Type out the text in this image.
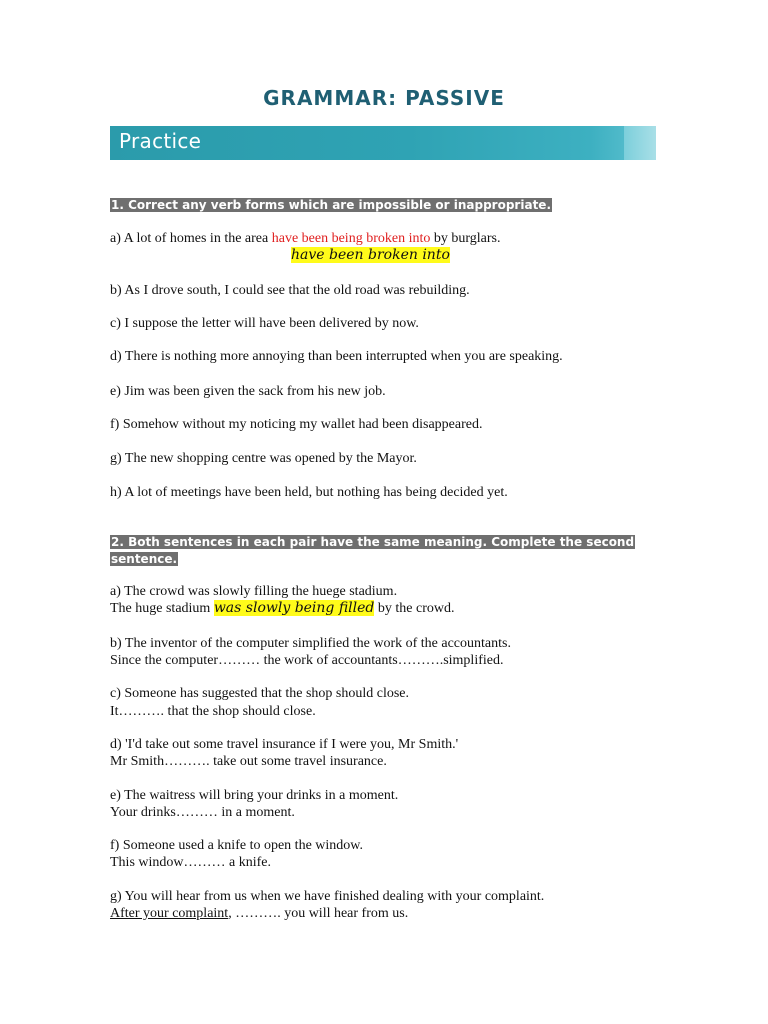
GRAMMAR: PASSIVE
Practice

1. Correct any verb forms which are impossible or inappropriate.

a) A lot of homes in the area have been being broken into by burglars.

have been broken into

b) As I drove south, I could see that the old road was rebuilding.

c) I suppose the letter will have been delivered by now.

d) There is nothing more annoying than been interrupted when you are speaking.

e) Jim was been given the sack from his new job.

f) Somehow without my noticing my wallet had been disappeared.

g) The new shopping centre was opened by the Mayor.

h) A lot of meetings have been held, but nothing has being decided yet.

2. Both sentences in each pair have the same meaning. Complete the second
sentence.

a) The crowd was slowly filling the huege stadium.

The huge stadium was slowly being filled by the crowd.

b) The inventor of the computer simplified the work of the accountants.

Since the computer……… the work of accountants……….simplified.

c) Someone has suggested that the shop should close.

It………. that the shop should close.

d) 'I'd take out some travel insurance if I were you, Mr Smith.'

Mr Smith………. take out some travel insurance.

e) The waitress will bring your drinks in a moment.

Your drinks……… in a moment.

f) Someone used a knife to open the window.

This window……… a knife.

g) You will hear from us when we have finished dealing with your complaint.

After your complaint, ………. you will hear from us.
